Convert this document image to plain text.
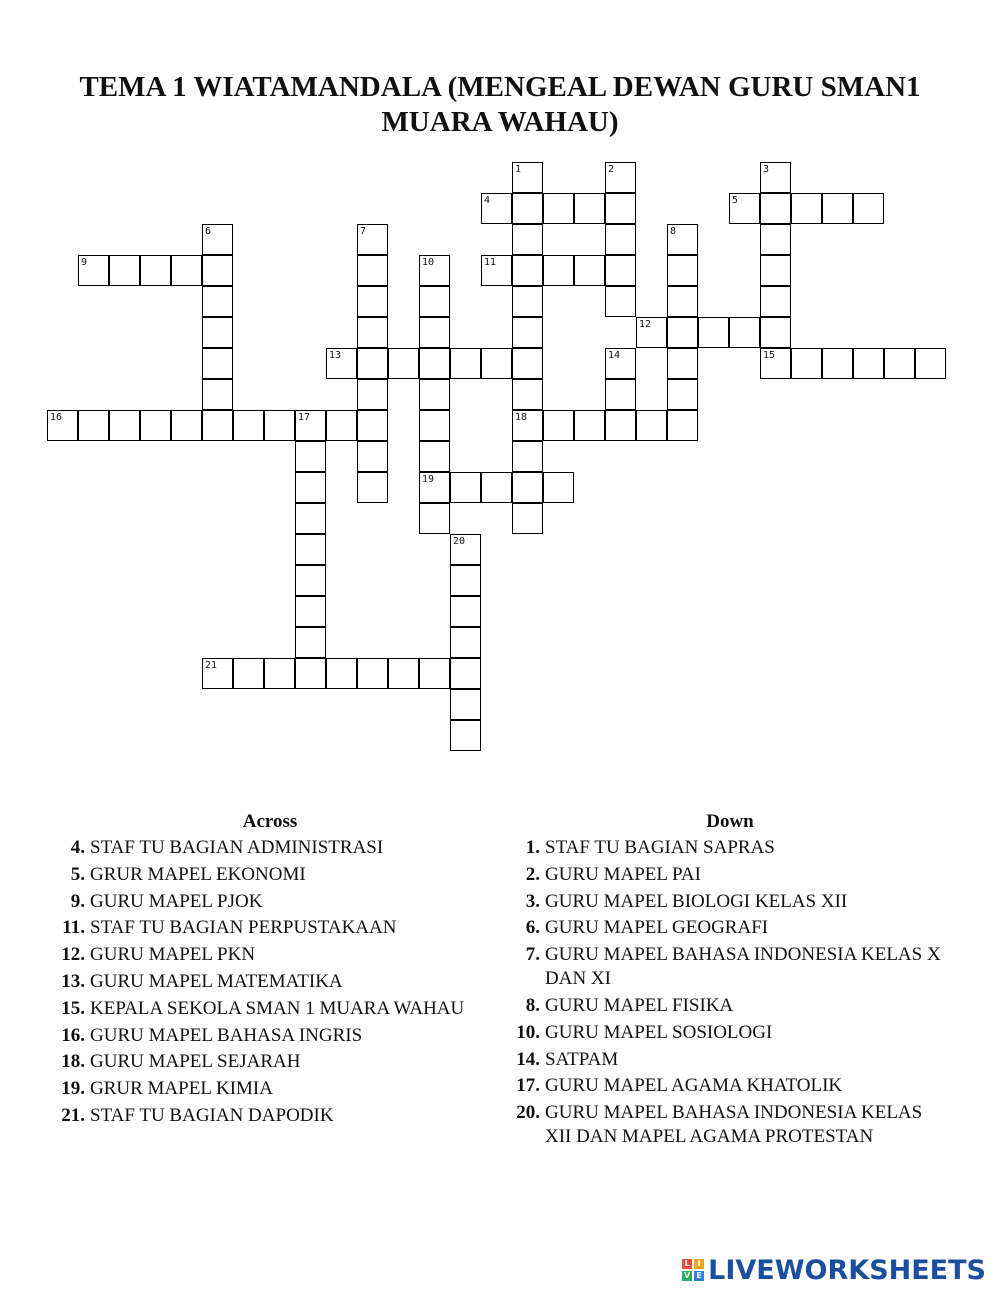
TEMA 1 WIATAMANDALA (MENGEAL DEWAN GURU SMAN1 MUARA WAHAU)
1
18
2	3
15
4	5
6	7	8
9	10
19
11
12
13	14
16	17
20
21
Across
4. STAF TU BAGIAN ADMINISTRASI
5. GRUR MAPEL EKONOMI
9. GURU MAPEL PJOK
11. STAF TU BAGIAN PERPUSTAKAAN
12. GURU MAPEL PKN
13. GURU MAPEL MATEMATIKA
15. KEPALA SEKOLA SMAN 1 MUARA WAHAU
16. GURU MAPEL BAHASA INGRIS
18. GURU MAPEL SEJARAH
19. GRUR MAPEL KIMIA
21. STAF TU BAGIAN DAPODIK
Down
1. STAF TU BAGIAN SAPRAS
2. GURU MAPEL PAI
3. GURU MAPEL BIOLOGI KELAS XII
6. GURU MAPEL GEOGRAFI
7. GURU MAPEL BAHASA INDONESIA KELAS X DAN XI
8. GURU MAPEL FISIKA
10. GURU MAPEL SOSIOLOGI
14. SATPAM
17. GURU MAPEL AGAMA KHATOLIK
20. GURU MAPEL BAHASA INDONESIA KELAS XII DAN MAPEL AGAMA PROTESTAN
L I
V E LIVEWORKSHEETS
